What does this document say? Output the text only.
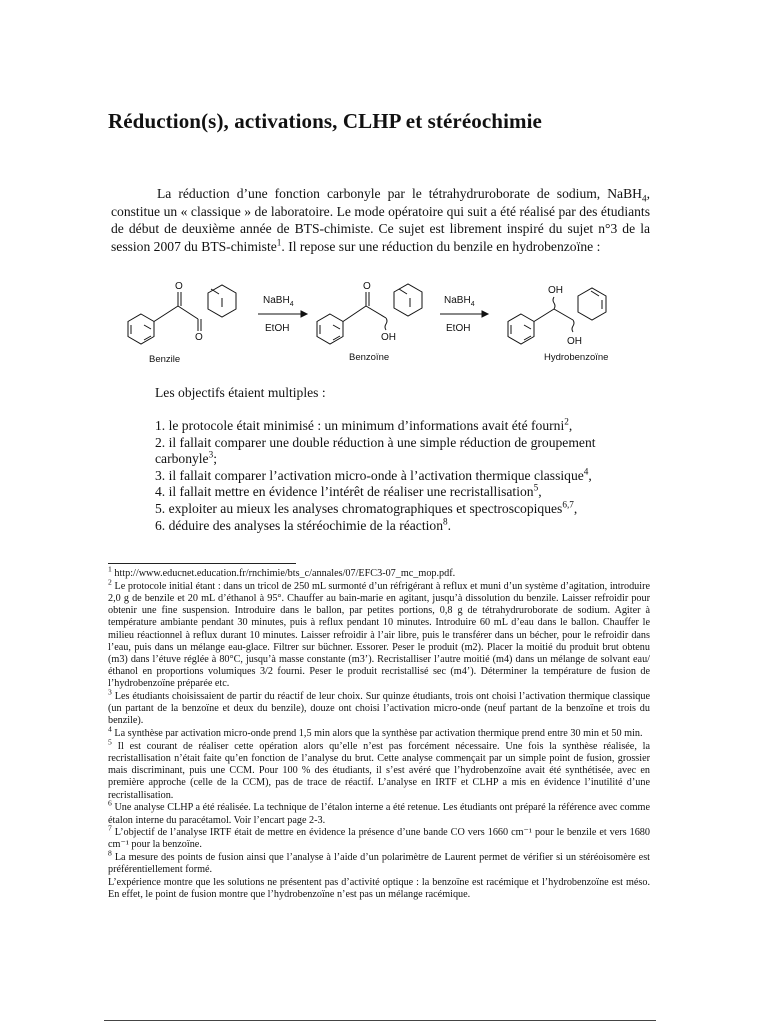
Réduction(s), activations, CLHP et stéréochimie

La réduction d’une fonction carbonyle par le tétrahydruroborate de sodium, NaBH$_4$, constitue un « classique » de laboratoire. Le mode opératoire qui suit a été réalisé par des étudiants de début de deuxième année de BTS-chimiste. Ce sujet est librement inspiré du sujet n°3 de la session 2007 du BTS-chimiste$^1$. Il repose sur une réduction du benzile en hydrobenzoïne :

O
O
NaBH$_4$
EtOH
O
OH
NaBH$_4$
EtOH
OH
OH
Benzile	Benzoïne	Hydrobenzoïne

Les objectifs étaient multiples :

1. le protocole était minimisé : un minimum d’informations avait été fourni$^2$,
2. il fallait comparer une double réduction à une simple réduction de groupement carbonyle$^3$;
3. il fallait comparer l’activation micro-onde à l’activation thermique classique$^4$,
4. il fallait mettre en évidence l’intérêt de réaliser une recristallisation$^5$,
5. exploiter au mieux les analyses chromatographiques et spectroscopiques$^{6,7}$,
6. déduire des analyses la stéréochimie de la réaction$^8$.

$^1$ http://www.educnet.education.fr/rnchimie/bts_c/annales/07/EFC3-07_mc_mop.pdf.

$^2$ Le protocole initial étant : dans un tricol de 250 mL surmonté d’un réfrigérant à reflux et muni d’un système d’agitation, introduire 2,0 g de benzile et 20 mL d’éthanol à 95°. Chauffer au bain-marie en agitant, jusqu’à dissolution du benzile. Laisser refroidir pour obtenir une fine suspension. Introduire dans le ballon, par petites portions, 0,8 g de tétrahydruroborate de sodium. Agiter à température ambiante pendant 30 minutes, puis à reflux pendant 10 minutes. Introduire 60 mL d’eau dans le ballon. Chauffer le milieu réactionnel à reflux durant 10 minutes. Laisser refroidir à l’air libre, puis le transférer dans un bécher, pour le refroidir dans l’eau, puis dans un mélange eau-glace. Filtrer sur büchner. Essorer. Peser le produit (m2). Placer la moitié du produit brut obtenu (m3) dans l’étuve réglée à 80°C, jusqu’à masse constante (m3’). Recristalliser l’autre moitié (m4) dans un mélange de solvant eau/éthanol en proportions volumiques 3/2 fourni. Peser le produit recristallisé sec (m4’). Déterminer la température de fusion de l’hydrobenzoïne préparée etc.

$^3$ Les étudiants choisissaient de partir du réactif de leur choix. Sur quinze étudiants, trois ont choisi l’activation thermique classique (un partant de la benzoïne et deux du benzile), douze ont choisi l’activation micro-onde (neuf partant de la benzoïne et trois du benzile).

$^4$ La synthèse par activation micro-onde prend 1,5 min alors que la synthèse par activation thermique prend entre 30 min et 50 min.

$^5$ Il est courant de réaliser cette opération alors qu’elle n’est pas forcément nécessaire. Une fois la synthèse réalisée, la recristallisation n’était faite qu’en fonction de l’analyse du brut. Cette analyse commençait par un simple point de fusion, grossier mais discriminant, puis une CCM. Pour 100 % des étudiants, il s’est avéré que l’hydrobenzoïne avait été synthétisée, avec en première approche (celle de la CCM), pas de trace de réactif. L’analyse en IRTF et CLHP a mis en évidence l’inutilité d’une recristallisation.

$^6$ Une analyse CLHP a été réalisée. La technique de l’étalon interne a été retenue. Les étudiants ont préparé la référence avec comme étalon interne du paracétamol. Voir l’encart page 2-3.

$^7$ L’objectif de l’analyse IRTF était de mettre en évidence la présence d’une bande CO vers 1660 cm⁻¹ pour le benzile et vers 1680 cm⁻¹ pour la benzoïne.

$^8$ La mesure des points de fusion ainsi que l’analyse à l’aide d’un polarimètre de Laurent permet de vérifier si un stéréoisomère est préférentiellement formé.

L’expérience montre que les solutions ne présentent pas d’activité optique : la benzoïne est racémique et l’hydrobenzoïne est méso. En effet, le point de fusion montre que l’hydrobenzoïne n’est pas un mélange racémique.
